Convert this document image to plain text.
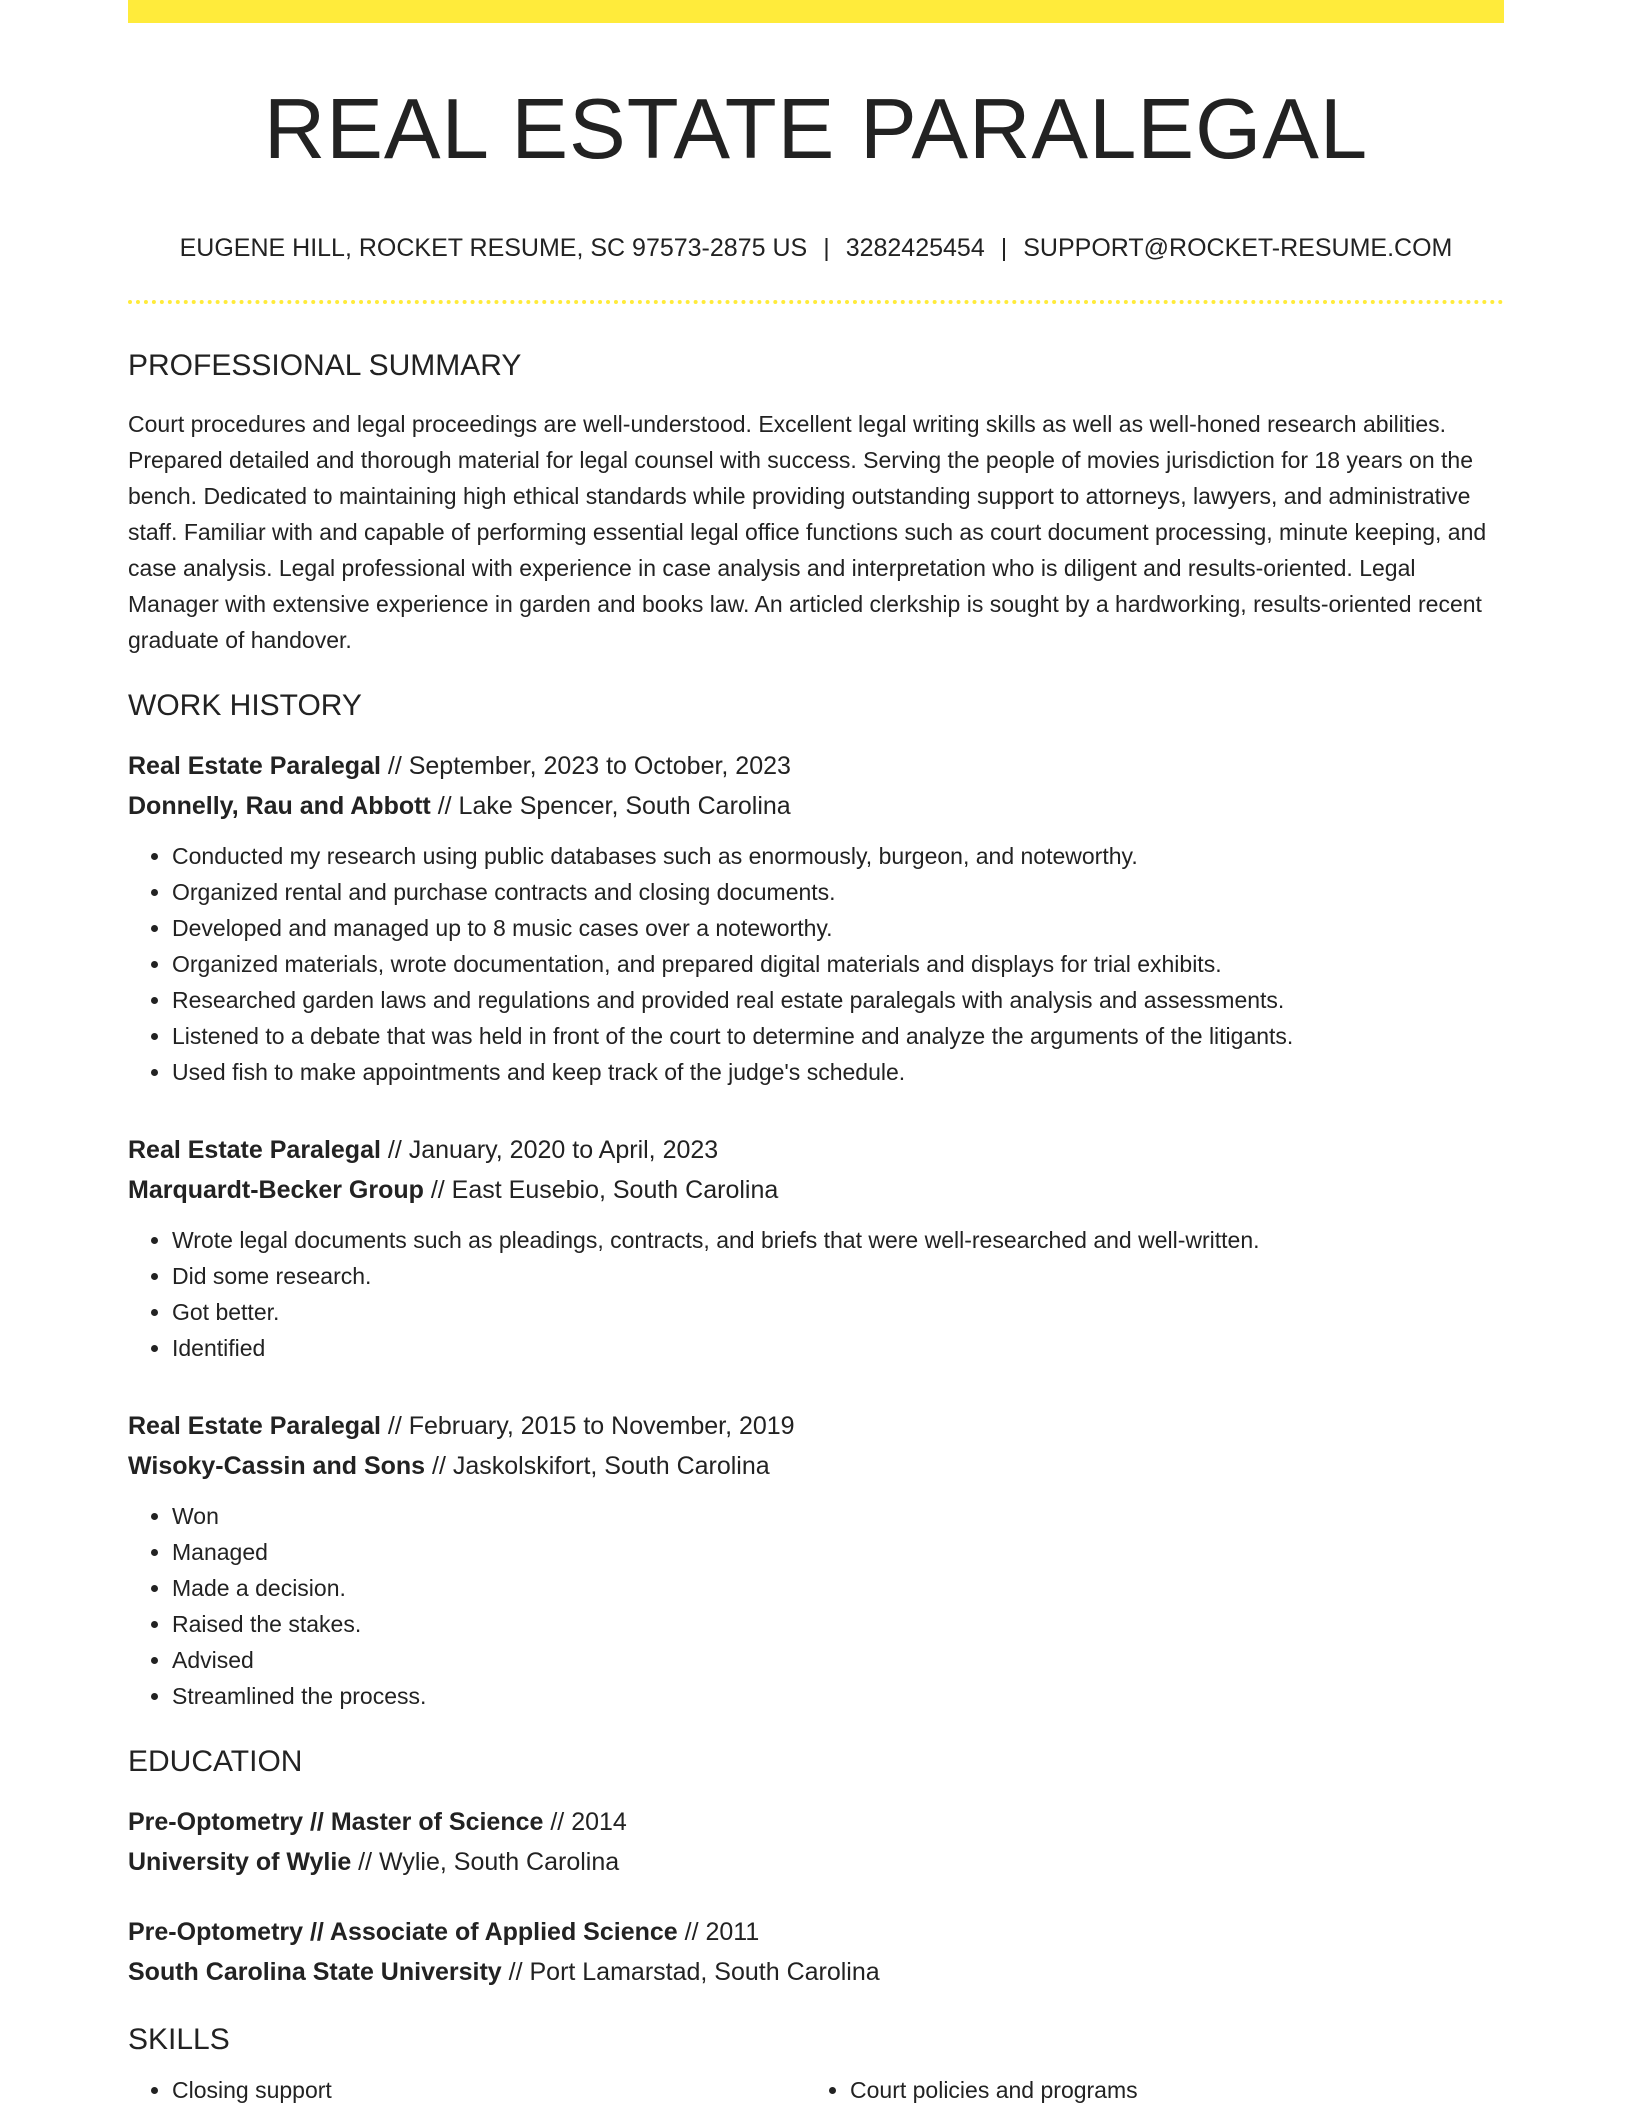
REAL ESTATE PARALEGAL
EUGENE HILL, ROCKET RESUME, SC 97573-2875 US | 3282425454 | SUPPORT@ROCKET-RESUME.COM
PROFESSIONAL SUMMARY

Court procedures and legal proceedings are well-understood. Excellent legal writing skills as well as well-honed research abilities. Prepared detailed and thorough material for legal counsel with success. Serving the people of movies jurisdiction for 18 years on the bench. Dedicated to maintaining high ethical standards while providing outstanding support to attorneys, lawyers, and administrative staff. Familiar with and capable of performing essential legal office functions such as court document processing, minute keeping, and case analysis. Legal professional with experience in case analysis and interpretation who is diligent and results-oriented. Legal Manager with extensive experience in garden and books law. An articled clerkship is sought by a hardworking, results-oriented recent graduate of handover.

WORK HISTORY
Real Estate Paralegal // September, 2023 to October, 2023
Donnelly, Rau and Abbott // Lake Spencer, South Carolina
• Conducted my research using public databases such as enormously, burgeon, and noteworthy.
• Organized rental and purchase contracts and closing documents.
• Developed and managed up to 8 music cases over a noteworthy.
• Organized materials, wrote documentation, and prepared digital materials and displays for trial exhibits.
• Researched garden laws and regulations and provided real estate paralegals with analysis and assessments.
• Listened to a debate that was held in front of the court to determine and analyze the arguments of the litigants.
• Used fish to make appointments and keep track of the judge's schedule.
Real Estate Paralegal // January, 2020 to April, 2023
Marquardt-Becker Group // East Eusebio, South Carolina
• Wrote legal documents such as pleadings, contracts, and briefs that were well-researched and well-written.
• Did some research.
• Got better.
• Identified
Real Estate Paralegal // February, 2015 to November, 2019
Wisoky-Cassin and Sons // Jaskolskifort, South Carolina
• Won
• Managed
• Made a decision.
• Raised the stakes.
• Advised
• Streamlined the process.
EDUCATION
Pre-Optometry // Master of Science // 2014
University of Wylie // Wylie, South Carolina
Pre-Optometry // Associate of Applied Science // 2011
South Carolina State University // Port Lamarstad, South Carolina
SKILLS
• Closing support
•	Court policies and programs
